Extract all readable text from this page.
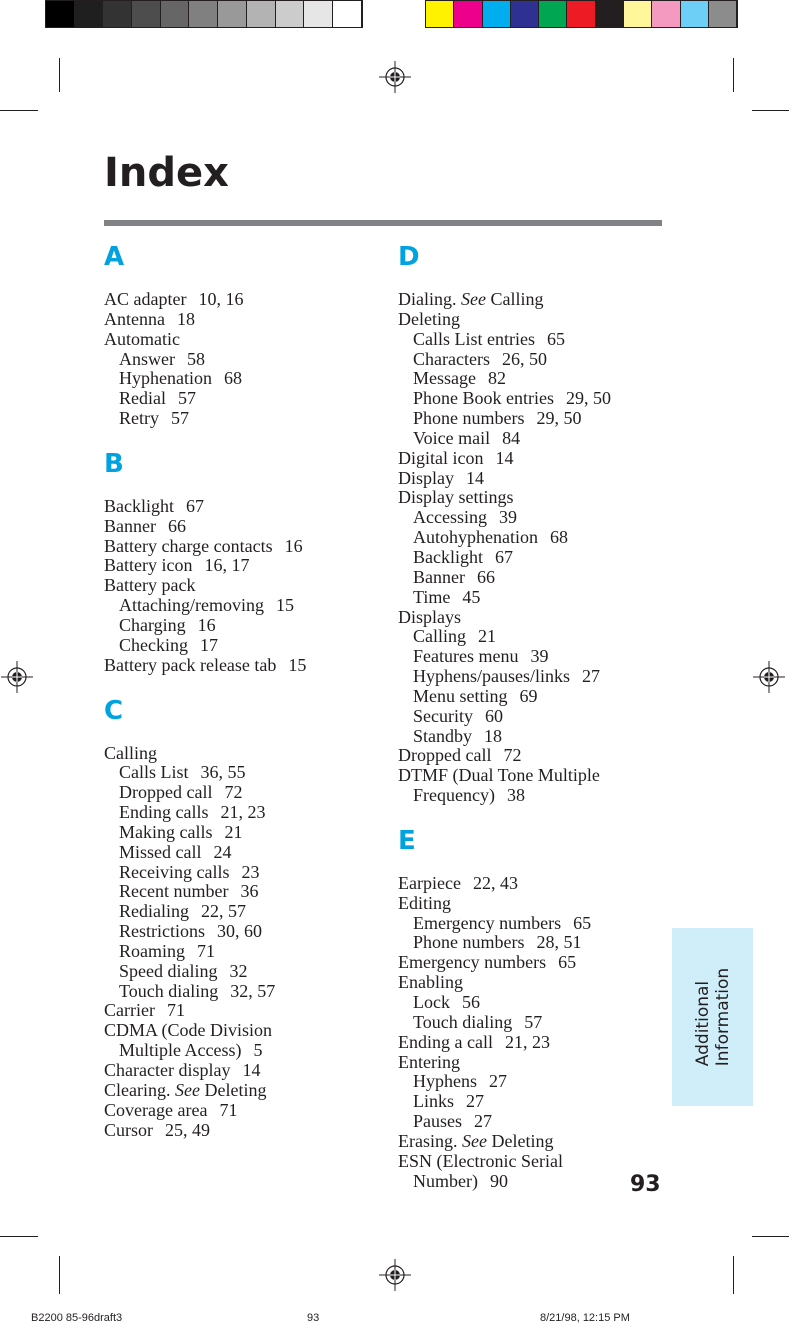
Index
A
AC adapter 10, 16
Antenna 18
Automatic
Answer 58
Hyphenation 68
Redial 57
Retry 57
B
Backlight 67
Banner 66
Battery charge contacts 16
Battery icon 16, 17
Battery pack
Attaching/removing 15
Charging 16
Checking 17
Battery pack release tab 15
C
Calling
Calls List 36, 55
Dropped call 72
Ending calls 21, 23
Making calls 21
Missed call 24
Receiving calls 23
Recent number 36
Redialing 22, 57
Restrictions 30, 60
Roaming 71
Speed dialing 32
Touch dialing 32, 57
Carrier 71
CDMA (Code Division
Multiple Access) 5
Character display 14
Clearing. See Deleting
Coverage area 71
Cursor 25, 49
D
Dialing. See Calling
Deleting
Calls List entries 65
Characters 26, 50
Message 82
Phone Book entries 29, 50
Phone numbers 29, 50
Voice mail 84
Digital icon 14
Display 14
Display settings
Accessing 39
Autohyphenation 68
Backlight 67
Banner 66
Time 45
Displays
Calling 21
Features menu 39
Hyphens/pauses/links 27
Menu setting 69
Security 60
Standby 18
Dropped call 72
DTMF (Dual Tone Multiple
Frequency) 38
E
Earpiece 22, 43
Editing
Emergency numbers 65
Phone numbers 28, 51
Emergency numbers 65
Enabling
Lock 56
Touch dialing 57
Ending a call 21, 23
Entering
Hyphens 27
Links 27
Pauses 27
Erasing. See Deleting
ESN (Electronic Serial
Number) 90
Additional Information
93
B2200 85-96draft3	93	8/21/98, 12:15 PM
